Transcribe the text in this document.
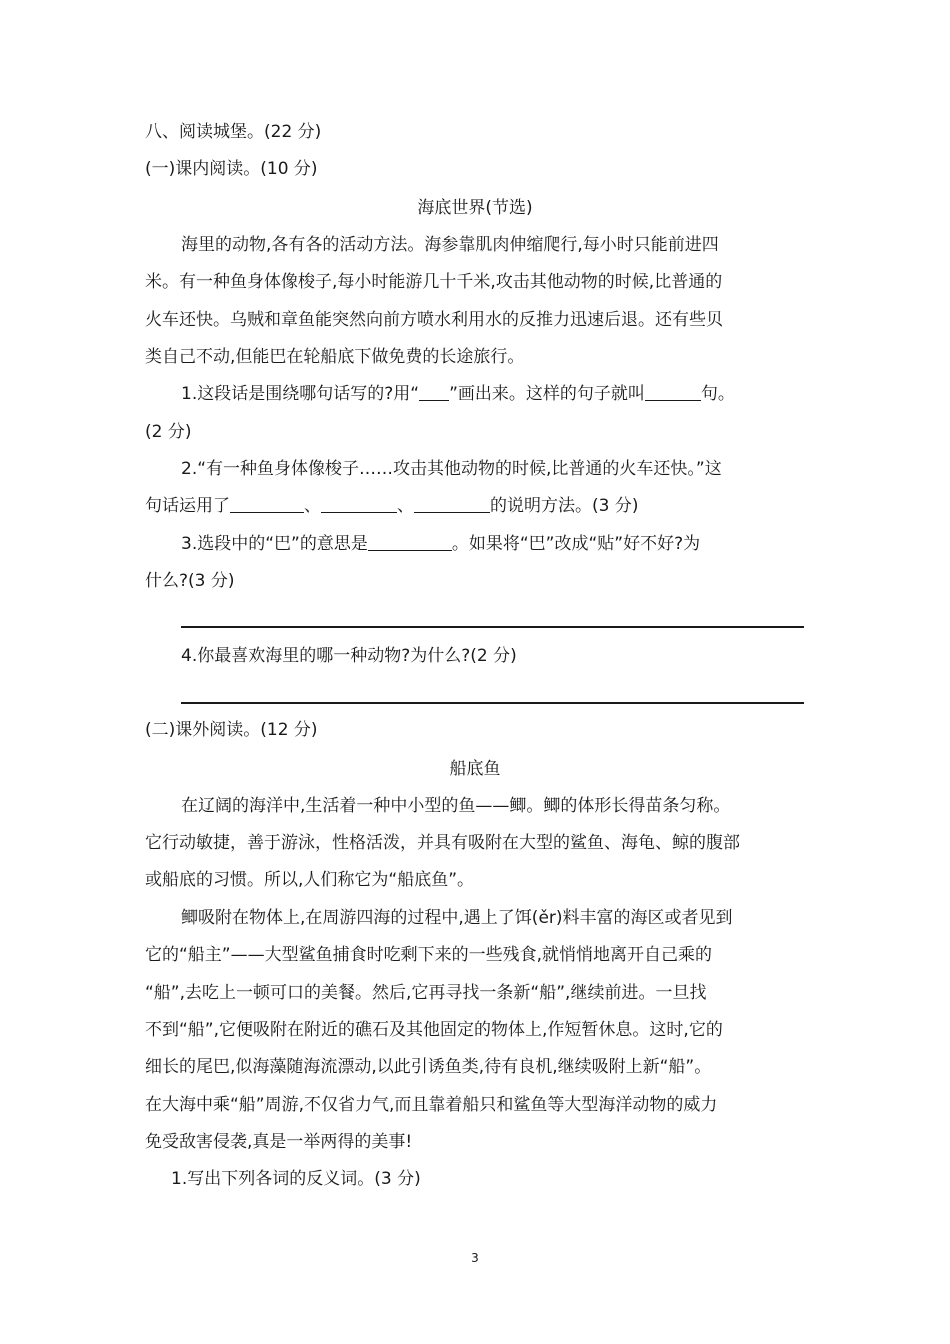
八、阅读城堡。(22 分)
(一)课内阅读。(10 分)
海底世界(节选)
海里的动物,各有各的活动方法。海参靠肌肉伸缩爬行,每小时只能前进四
米。有一种鱼身体像梭子,每小时能游几十千米,攻击其他动物的时候,比普通的
火车还快。乌贼和章鱼能突然向前方喷水利用水的反推力迅速后退。还有些贝
类自己不动,但能巴在轮船底下做免费的长途旅行。
1.这段话是围绕哪句话写的?用“ ”画出来。这样的句子就叫	句。
(2 分)
2.“有一种鱼身体像梭子……攻击其他动物的时候,比普通的火车还快。”这
句话运用了	、	、	的说明方法。(3 分)
3.选段中的“巴”的意思是	。如果将“巴”改成“贴”好不好?为
什么?(3 分)
4.你最喜欢海里的哪一种动物?为什么?(2 分)
(二)课外阅读。(12 分)
船底鱼
在辽阔的海洋中,生活着一种中小型的鱼——鲫。鲫的体形长得苗条匀称。
它行动敏捷，善于游泳，性格活泼，并具有吸附在大型的鲨鱼、海龟、鲸的腹部
或船底的习惯。所以,人们称它为“船底鱼”。
鲫吸附在物体上,在周游四海的过程中,遇上了饵(ěr)料丰富的海区或者见到
它的“船主”——大型鲨鱼捕食时吃剩下来的一些残食,就悄悄地离开自己乘的
“船”,去吃上一顿可口的美餐。然后,它再寻找一条新“船”,继续前进。一旦找
不到“船”,它便吸附在附近的礁石及其他固定的物体上,作短暂休息。这时,它的
细长的尾巴,似海藻随海流漂动,以此引诱鱼类,待有良机,继续吸附上新“船”。
在大海中乘“船”周游,不仅省力气,而且靠着船只和鲨鱼等大型海洋动物的威力
免受敌害侵袭,真是一举两得的美事!
1.写出下列各词的反义词。(3 分)
3
